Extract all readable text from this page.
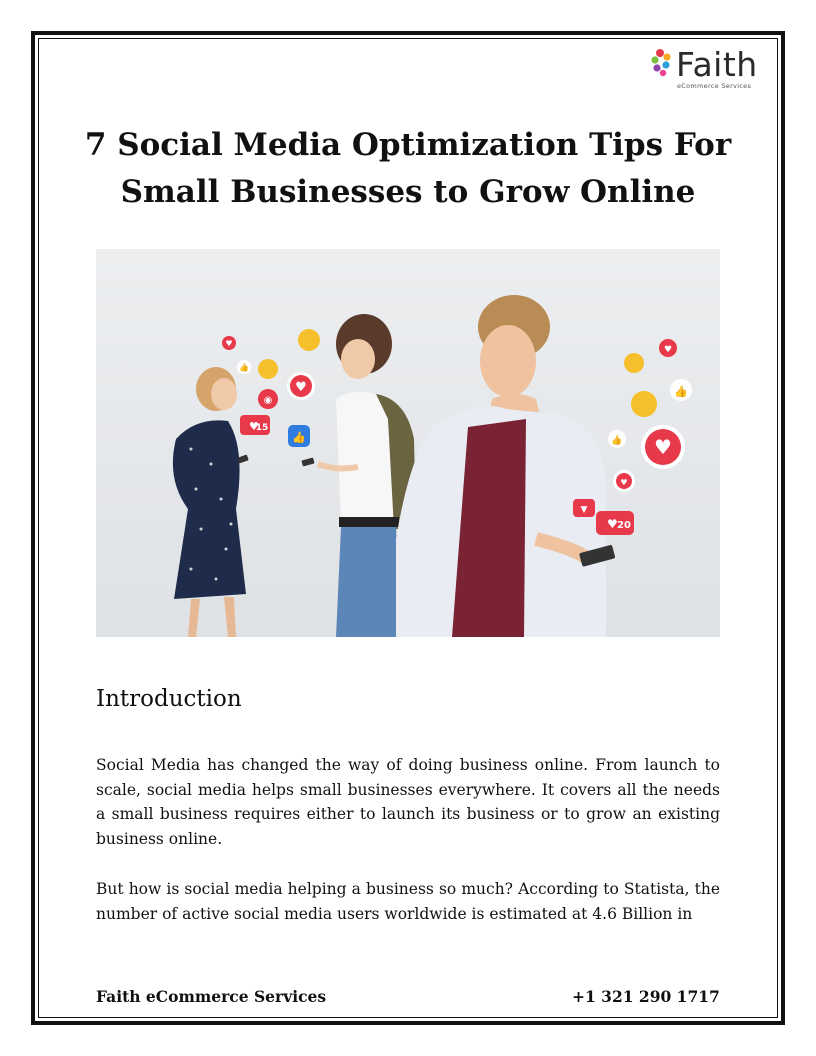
Faith
eCommerce Services
7 Social Media Optimization Tips For Small Businesses to Grow Online
♥
👍
◉
♥
♥
15
👍
♥
👍
👍 ♥
♥
▼
♥ 20
Introduction

Social Media has changed the way of doing business online. From launch to scale, social media helps small businesses everywhere. It covers all the needs a small business requires either to launch its business or to grow an existing business online.

But how is social media helping a business so much? According to Statista, the number of active social media users worldwide is estimated at 4.6 Billion in

Faith eCommerce Services	+1 321 290 1717
